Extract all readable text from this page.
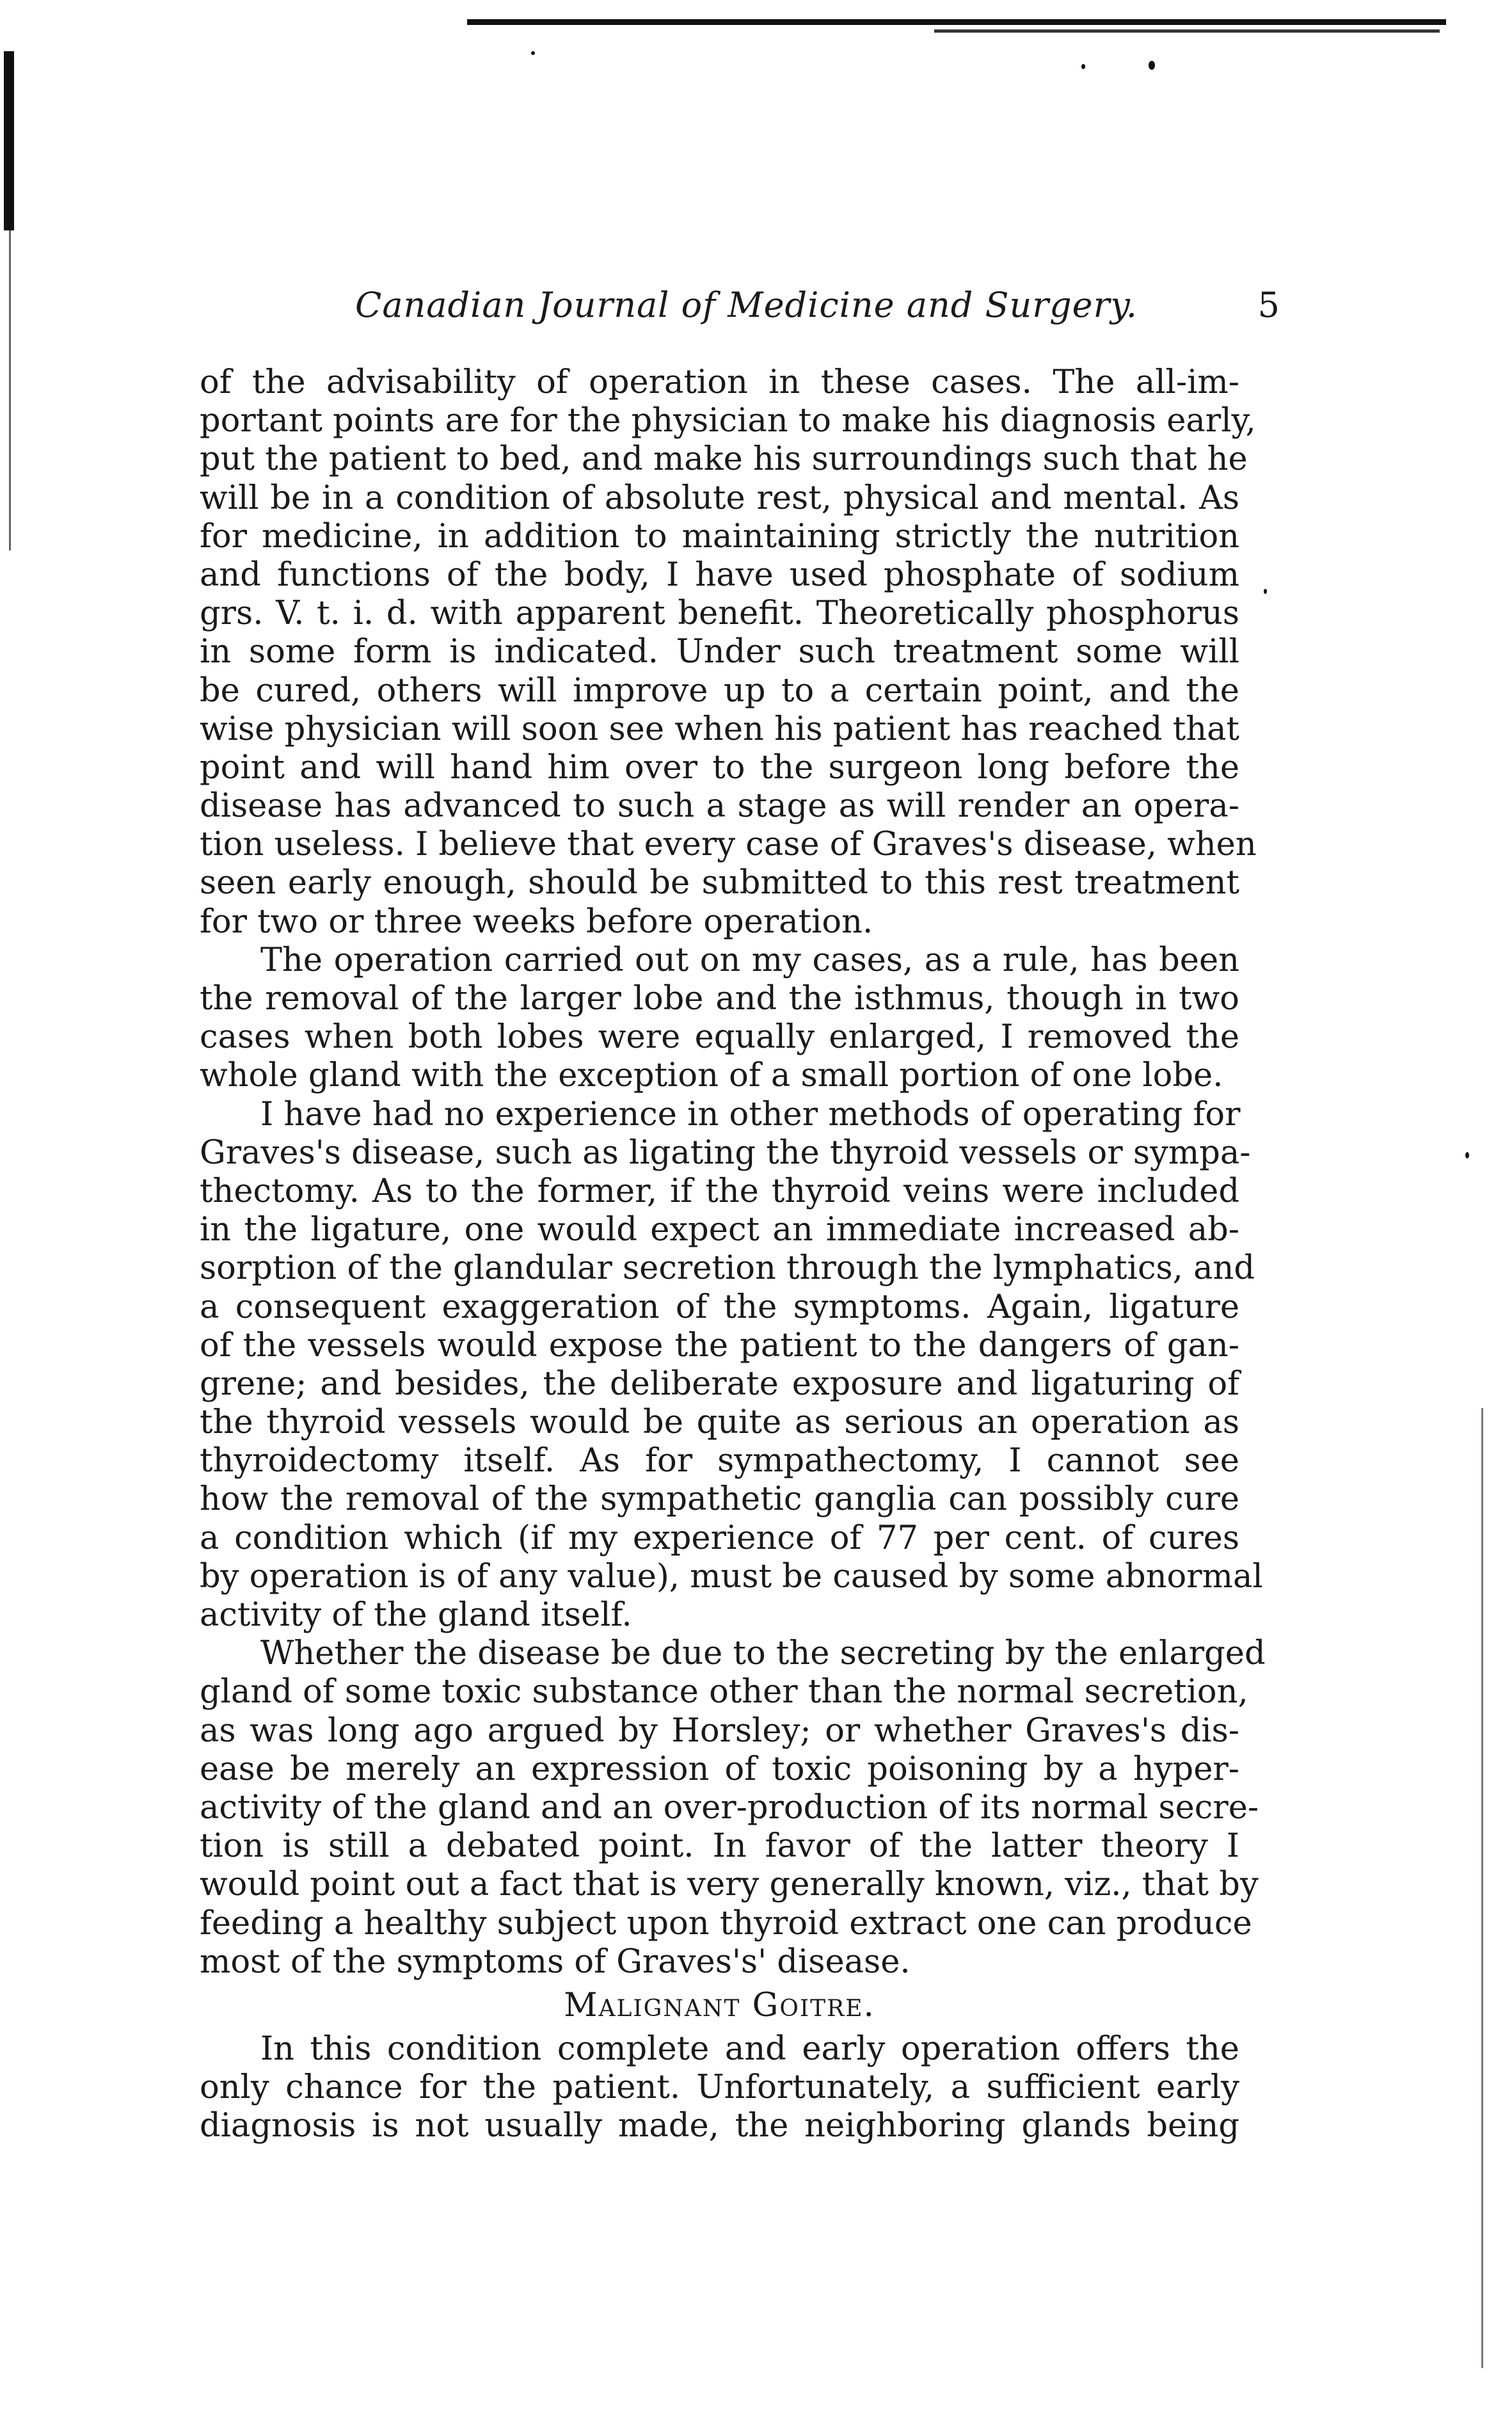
Canadian Journal of Medicine and Surgery.	5
of the advisability of operation in these cases. The all-im-
portant points are for the physician to make his diagnosis early,
put the patient to bed, and make his surroundings such that he
will be in a condition of absolute rest, physical and mental. As
for medicine, in addition to maintaining strictly the nutrition
and functions of the body, I have used phosphate of sodium
grs. V. t. i. d. with apparent benefit. Theoretically phosphorus
in some form is indicated. Under such treatment some will
be cured, others will improve up to a certain point, and the
wise physician will soon see when his patient has reached that
point and will hand him over to the surgeon long before the
disease has advanced to such a stage as will render an opera-
tion useless. I believe that every case of Graves's disease, when
seen early enough, should be submitted to this rest treatment
for two or three weeks before operation.
The operation carried out on my cases, as a rule, has been
the removal of the larger lobe and the isthmus, though in two
cases when both lobes were equally enlarged, I removed the
whole gland with the exception of a small portion of one lobe.
I have had no experience in other methods of operating for
Graves's disease, such as ligating the thyroid vessels or sympa-
thectomy. As to the former, if the thyroid veins were included
in the ligature, one would expect an immediate increased ab-
sorption of the glandular secretion through the lymphatics, and
a consequent exaggeration of the symptoms. Again, ligature
of the vessels would expose the patient to the dangers of gan-
grene; and besides, the deliberate exposure and ligaturing of
the thyroid vessels would be quite as serious an operation as
thyroidectomy itself. As for sympathectomy, I cannot see
how the removal of the sympathetic ganglia can possibly cure
a condition which (if my experience of 77 per cent. of cures
by operation is of any value), must be caused by some abnormal
activity of the gland itself.
Whether the disease be due to the secreting by the enlarged
gland of some toxic substance other than the normal secretion,
as was long ago argued by Horsley; or whether Graves's dis-
ease be merely an expression of toxic poisoning by a hyper-
activity of the gland and an over-production of its normal secre-
tion is still a debated point. In favor of the latter theory I
would point out a fact that is very generally known, viz., that by
feeding a healthy subject upon thyroid extract one can produce
most of the symptoms of Graves's' disease.
Malignant Goitre.
In this condition complete and early operation offers the
only chance for the patient. Unfortunately, a sufficient early
diagnosis is not usually made, the neighboring glands being
